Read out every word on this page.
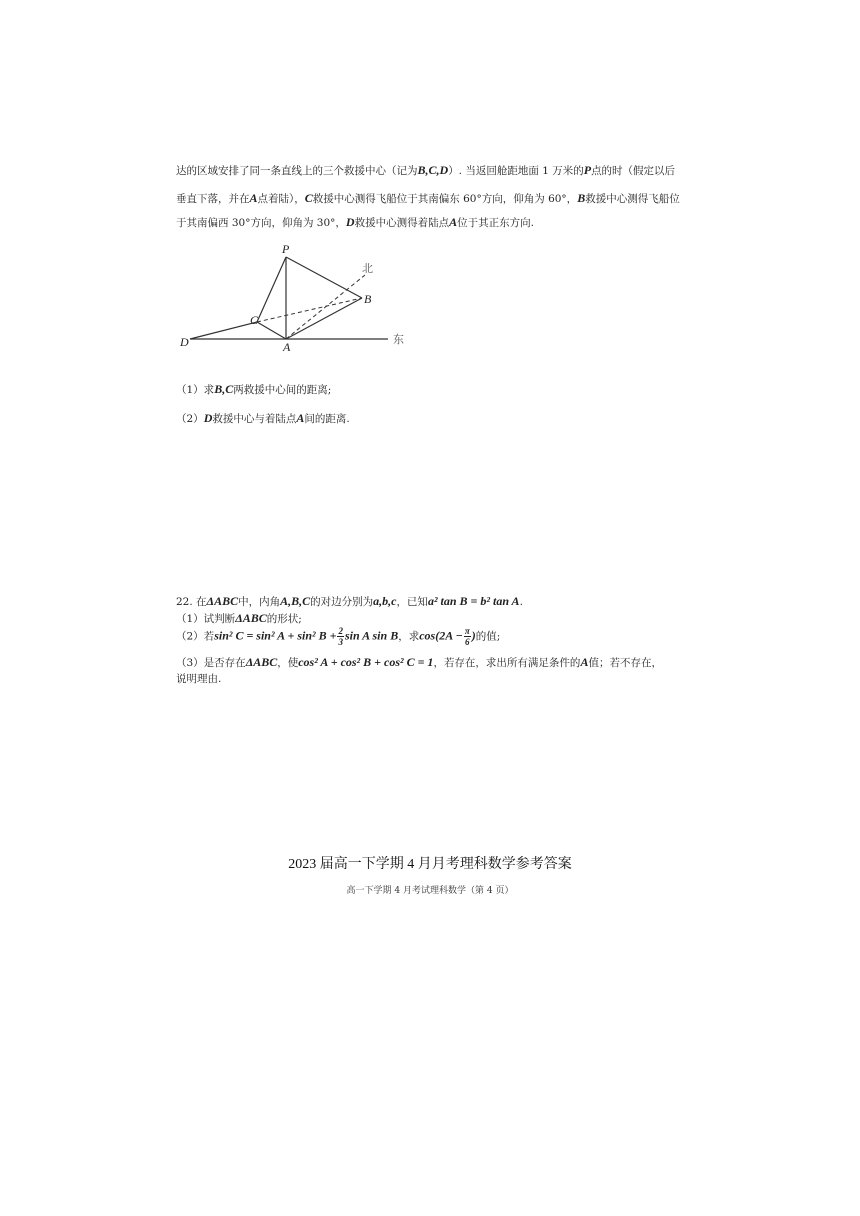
达的区域安排了同一条直线上的三个救援中心（记为B,C,D）. 当返回舱距地面 1 万米的P点的时（假定以后
垂直下落，并在A点着陆），C救援中心测得飞船位于其南偏东 60°方向，仰角为 60°，B救援中心测得飞船位
于其南偏西 30°方向，仰角为 30°，D救援中心测得着陆点A位于其正东方向.
P
B
C
D	A
北
东
（1）求B,C两救援中心间的距离;
（2）D救援中心与着陆点A间的距离.
22. 在ΔABC中，内角A,B,C的对边分别为a,b,c，已知a² tan B = b² tan A.
（1）试判断ΔABC的形状;
（2）若sin² C = sin² A + sin² $B + \frac{2}{3}$ sin A sin B，求$\cos(2A - \frac{\pi}{6}$ )的值;
（3）是否存在ΔABC，使cos² A + cos² B + cos² C = 1，若存在，求出所有满足条件的A值；若不存在，
说明理由.
2023 届高一下学期 4 月月考理科数学参考答案
高一下学期 4 月考试理科数学（第 4 页）
